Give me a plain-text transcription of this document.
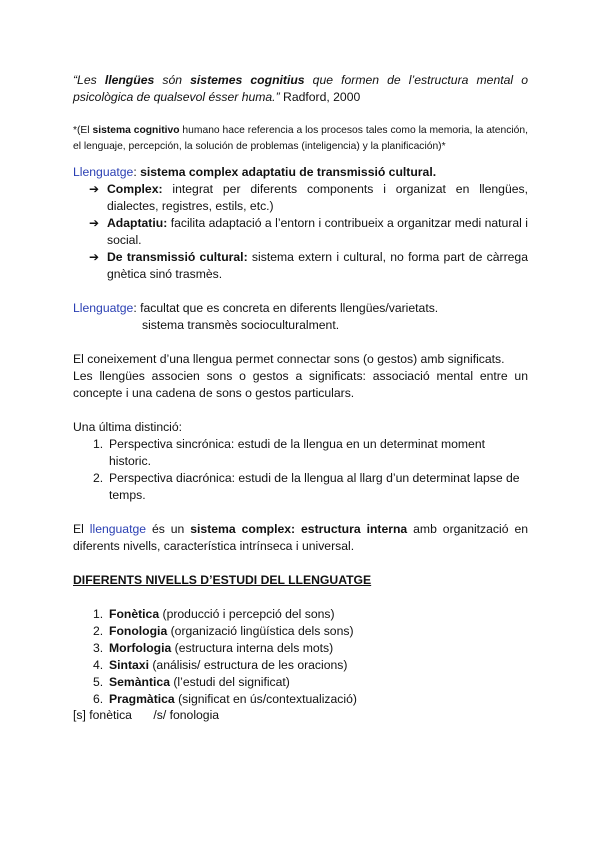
“Les llengües són sistemes cognitius que formen de l’estructura mental o psicològica de qualsevol ésser huma.” Radford, 2000

*(El sistema cognitivo humano hace referencia a los procesos tales como la memoria, la atención, el lenguaje, percepción, la solución de problemas (inteligencia) y la planificación)*

Llenguatge: sistema complex adaptatiu de transmissió cultural.

➔ Complex: integrat per diferents components i organizat en llengües, dialectes, registres, estils, etc.)
➔ Adaptatiu: facilita adaptació a l’entorn i contribueix a organitzar medi natural i social.
➔ De transmissió cultural: sistema extern i cultural, no forma part de càrrega gnètica sinó trasmès.

Llenguatge: facultat que es concreta en diferents llengües/varietats.

sistema transmès socioculturalment.

El coneixement d’una llengua permet connectar sons (o gestos) amb significats.

Les llengües associen sons o gestos a significats: associació mental entre un concepte i una cadena de sons o gestos particulars.

Una última distinció:

1. Perspectiva sincrónica: estudi de la llengua en un determinat moment historic.
2. Perspectiva diacrónica: estudi de la llengua al llarg d’un determinat lapse de temps.

El llenguatge és un sistema complex: estructura interna amb organització en diferents nivells, característica intrínseca i universal.

DIFERENTS NIVELLS D’ESTUDI DEL LLENGUATGE

1. Fonètica (producció i percepció del sons)
2. Fonologia (organizació lingüística dels sons)
3. Morfologia (estructura interna dels mots)
4. Sintaxi (análisis/ estructura de les oracions)
5. Semàntica (l’estudi del significat)
6. Pragmàtica (significat en ús/contextualizació)
[s] fonètica /s/ fonologia
